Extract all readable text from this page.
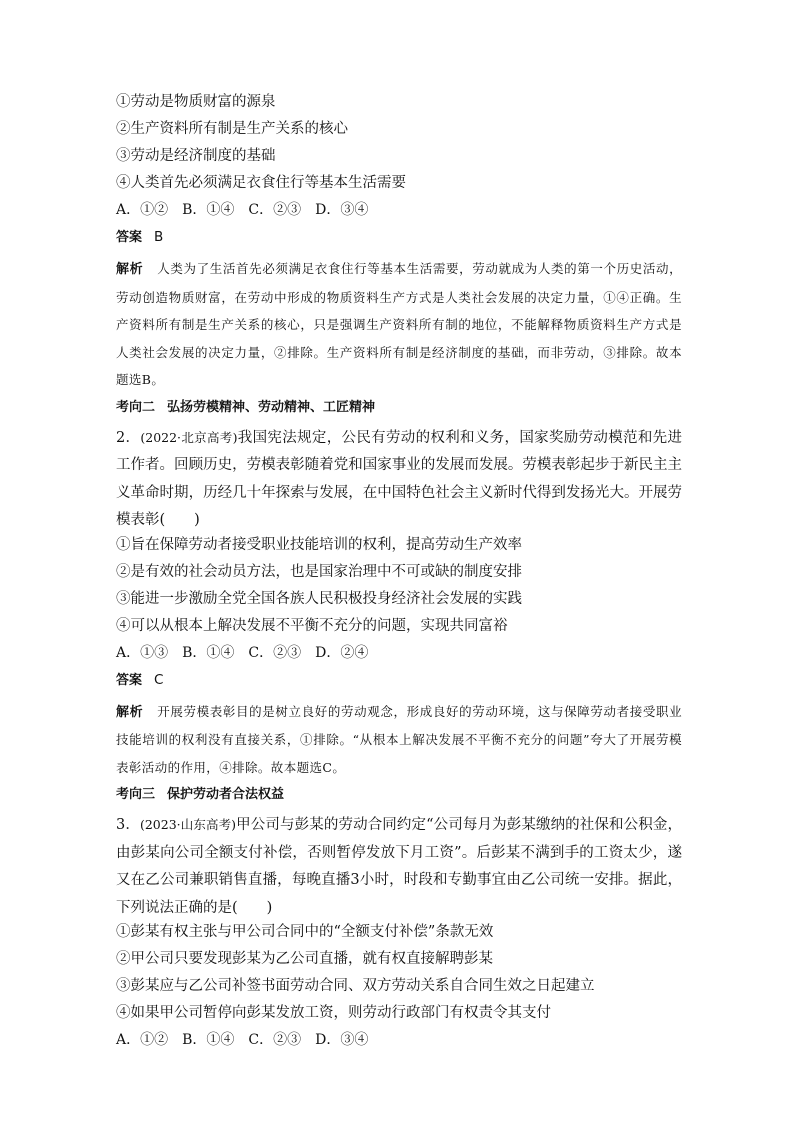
①劳动是物质财富的源泉
②生产资料所有制是生产关系的核心
③劳动是经济制度的基础
④人类首先必须满足衣食住行等基本生活需要
A．①②　B．①④　C．②③　D．③④
答案 B
解析 人类为了生活首先必须满足衣食住行等基本生活需要，劳动就成为人类的第一个历史活动，劳动创造物质财富，在劳动中形成的物质资料生产方式是人类社会发展的决定力量，①④正确。生产资料所有制是生产关系的核心，只是强调生产资料所有制的地位，不能解释物质资料生产方式是人类社会发展的决定力量，②排除。生产资料所有制是经济制度的基础，而非劳动，③排除。故本题选B。
考向二 弘扬劳模精神、劳动精神、工匠精神
2．(2022·北京高考)我国宪法规定，公民有劳动的权利和义务，国家奖励劳动模范和先进工作者。回顾历史，劳模表彰随着党和国家事业的发展而发展。劳模表彰起步于新民主主义革命时期，历经几十年探索与发展，在中国特色社会主义新时代得到发扬光大。开展劳模表彰(　　)
①旨在保障劳动者接受职业技能培训的权利，提高劳动生产效率
②是有效的社会动员方法，也是国家治理中不可或缺的制度安排
③能进一步激励全党全国各族人民积极投身经济社会发展的实践
④可以从根本上解决发展不平衡不充分的问题，实现共同富裕
A．①③　B．①④　C．②③　D．②④
答案 C
解析 开展劳模表彰目的是树立良好的劳动观念，形成良好的劳动环境，这与保障劳动者接受职业技能培训的权利没有直接关系，①排除。“从根本上解决发展不平衡不充分的问题”夸大了开展劳模表彰活动的作用，④排除。故本题选C。
考向三 保护劳动者合法权益
3．(2023·山东高考)甲公司与彭某的劳动合同约定“公司每月为彭某缴纳的社保和公积金，由彭某向公司全额支付补偿，否则暂停发放下月工资”。后彭某不满到手的工资太少，遂又在乙公司兼职销售直播，每晚直播3小时，时段和专勤事宜由乙公司统一安排。据此，下列说法正确的是(　　)
①彭某有权主张与甲公司合同中的“全额支付补偿”条款无效
②甲公司只要发现彭某为乙公司直播，就有权直接解聘彭某
③彭某应与乙公司补签书面劳动合同、双方劳动关系自合同生效之日起建立
④如果甲公司暂停向彭某发放工资，则劳动行政部门有权责令其支付
A．①②　B．①④　C．②③　D．③④
